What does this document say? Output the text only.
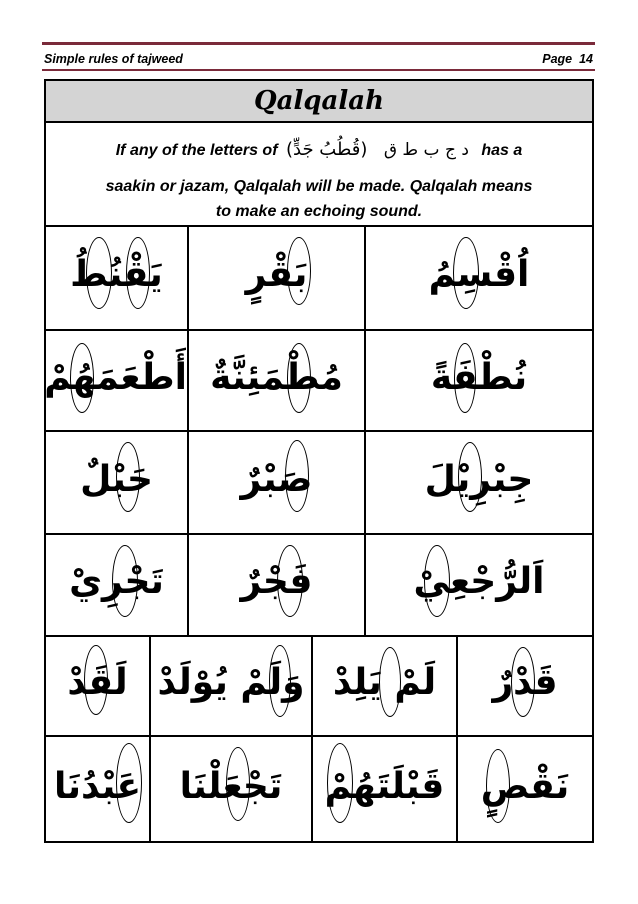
Simple rules of tajweed	Page 14
Qalqalah
If any of the letters of (قُطُبُ جَدٍّ) د ج ب ط ق has a
saakin or jazam, Qalqalah will be made. Qalqalah means
to make an echoing sound.
اُقْسِمُ
بَقْرٍ
يَقْنُطُ
نُطْفَةً
مُطْمَئِنَّةٌ
أَطْعَمَهُمْ
جِبْرِيْلَ
صَبْرٌ
حَبْلٌ
اَلرُّجْعِيْ
فَجْرٌ
تَجْرِيْ
قَدْرٌ
لَمْ يَلِدْ
وَلَمْ يُوْلَدْ
لَقَدْ
نَقْصٍ
قَبْلَتَهُمْ
تَجْعَلْنَا
عَبْدُنَا
